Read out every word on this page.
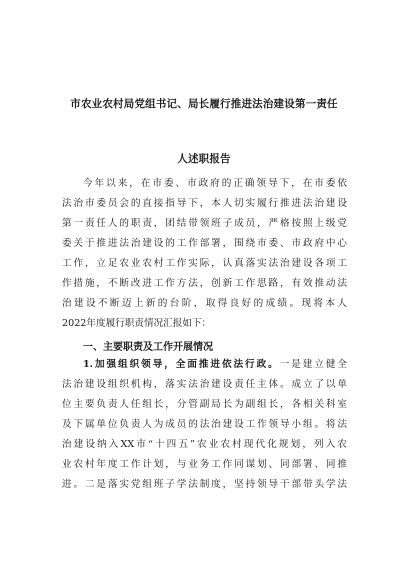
市农业农村局党组书记、局长履行推进法治建设第一责任
人述职报告
今年以来，在市委、市政府的正确领导下，在市委依
法治市委员会的直接指导下，本人切实履行推进法治建设
第一责任人的职责，团结带领班子成员，严格按照上级党
委关于推进法治建设的工作部署，围绕市委、市政府中心
工作，立足农业农村工作实际，认真落实法治建设各项工
作措施，不断改进工作方法，创新工作思路，有效推动法
治建设不断迈上新的台阶，取得良好的成绩。现将本人
2022年度履行职责情况汇报如下：
一、主要职责及工作开展情况
1.加强组织领导，全面推进依法行政。一是建立健全
法治建设组织机构，落实法治建设责任主体。成立了以单
位主要负责人任组长，分管副局长为副组长，各相关科室
及下属单位负责人为成员的法治建设工作领导小组。将法
治建设纳入XX市“十四五”农业农村现代化规划，列入农
业农村年度工作计划，与业务工作同谋划、同部署、同推
进。二是落实党组班子学法制度，坚持领导干部带头学法
